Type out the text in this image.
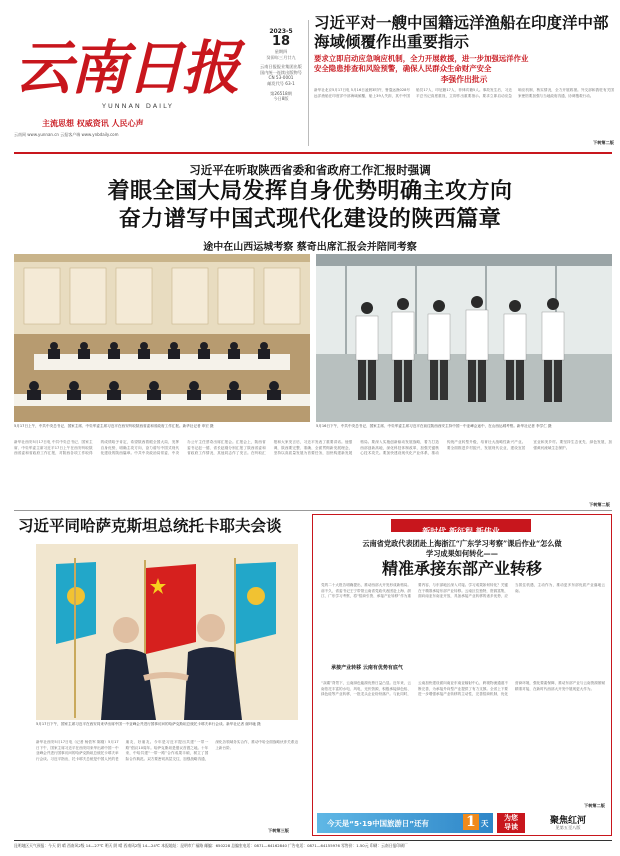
云南日报
YUNNAN DAILY
主流思想 权威资讯 人民心声
云南网 www.yunnan.cn 云报客户端 www.ynbdaily.com
2023-5
18
星期四
癸卯年三月廿九
云南日报报业集团出版
国内统一连续出版物号
CN 53-0001
邮发代号 63-1
第26518期
今日8版
习近平对一艘中国籍远洋渔船在印度洋中部海域倾覆作出重要指示
要求立即启动应急响应机制，全力开展救援，进一步加强远洋作业
安全隐患排查和风险预警，确保人民群众生命财产安全
李强作出批示
新华社北京5月17日电 5月16日凌晨3时许，鲁蓬远渔028号远洋渔船在印度洋中部海域倾覆，船上39人失踪，其中中国船员17人、印尼籍17人、菲律宾籍5人。事故发生后，习近平总书记高度重视，立即作出重要指示。要求立即启动应急响应机制，核实情况，全力开展救援。外交部和我驻有关国家使馆要加强与当地政府沟通，协调搜救行动。
下转第二版
习近平在听取陕西省委和省政府工作汇报时强调
着眼全国大局发挥自身优势明确主攻方向
奋力谱写中国式现代化建设的陕西篇章
途中在山西运城考察 蔡奇出席汇报会并陪同考察
5月17日上午，中共中央总书记、国家主席、中央军委主席习近平在西安听取陕西省委和省政府工作汇报。新华社记者 申宏 摄	5月16日下午，中共中央总书记、国家主席、中央军委主席习近平在前往陕西西安主持中国－中亚峰会途中，在山西运城考察。新华社记者 李学仁 摄
新华社西安5月17日电 中共中央总书记、国家主席、中央军委主席习近平17日上午在西安听取陕西省委和省政府工作汇报，对陕西各项工作取得的成绩给予肯定，希望陕西着眼全国大局，发挥自身优势，明确主攻方向，奋力谱写中国式现代化建设的陕西篇章。中共中央政治局常委、中央办公厅主任蔡奇出席汇报会。汇报会上，陕西省委书记赵一德、省长赵刚分别汇报了陕西省委和省政府工作情况，其他同志作了发言。在听取汇报和大家发言后，习近平发表了重要讲话。他强调，陕西要完整、准确、全面贯彻新发展理念，坚持以高质量发展为首要任务，加快构建新发展格局。要深入实施创新驱动发展战略，着力打造西部创新高地，深化科技体制改革，加强关键核心技术攻关。要加快建设现代化产业体系，推动传统产业转型升级，培育壮大战略性新兴产业。要全面推进乡村振兴，发展现代农业，建设宜居宜业和美乡村。要坚持生态优先、绿色发展，加强黄河流域生态保护。
下转第二版
习近平同哈萨克斯坦总统托卡耶夫会谈
5月17日下午，国家主席习近平在西安同来华出席中国－中亚峰会并进行国事访问的哈萨克斯坦总统托卡耶夫举行会谈。新华社记者 谢环驰 摄
新华社西安5月17日电（记者 杨依军 陈刚）5月17日下午，国家主席习近平在西安同来华出席中国－中亚峰会并进行国事访问的哈萨克斯坦总统托卡耶夫举行会谈。习近平指出，托卡耶夫总统是中国人民的老朋友、好朋友。今年是习近平提出共建“一带一路”倡议10周年。哈萨克斯坦是倡议首倡之地。十年来，中哈共建“一带一路”合作成果丰硕，树立了国际合作典范。双方要密切高层交往，加强战略沟通，深化各领域务实合作，推动中哈全面战略伙伴关系迈上新台阶。
下转第三版
新时代 新征程 新伟业
云南省党政代表团赴上海浙江“广东学习考察”课后作业“怎么做
学习成果如何转化——
精准承接东部产业转移
党的二十大报告明确提出，推动西部大开发形成新格局。前不久，省委书记王宁带领云南省党政代表团赴上海、浙江、广东学习考察，将“招商引资、承接产业转移”作为重要内容，与东部地区深入对接。学习成果如何转化？关键在于精准承接东部产业转移。云南区位独特，资源富集，面向南亚东南亚开放，具备承接产业转移的诸多优势，应当抓住机遇，主动作为，推动更多东部优质产业落地云南。
承接产业转移 云南有优势有底气
“双碳”背景下，云南绿色能源优势日益凸显。近年来，云南依托丰富的水电、风电、光伏资源，积极承接绿色铝、绿色硅等产业转移，一批龙头企业纷纷落户。与此同时，云南加快建设面向南亚东南亚辐射中心，跨境物流通道不断完善，为承接外向型产业提供了有力支撑。全省上下要进一步增强承接产业转移的主动性，完善招商机制，优化营商环境，强化要素保障，推动东部产业与云南资源禀赋精准对接，在新时代西部大开发中展现更大作为。
下转第二版
今天是“5·19中国旅游日”还有	1 天
为您导读
聚焦红河
见第五至八版
昆明地区天气预报：今天 阴 晴 西南风2级 14—27℃ 明天 阴 晴 西南风2级 14—24℃ 本报地址：昆明市广福路 邮编：650228 总编室电话：0871—64162840 广告电话：0871—64155976 零售价：1.50元 印刷：云南日报印刷厂
